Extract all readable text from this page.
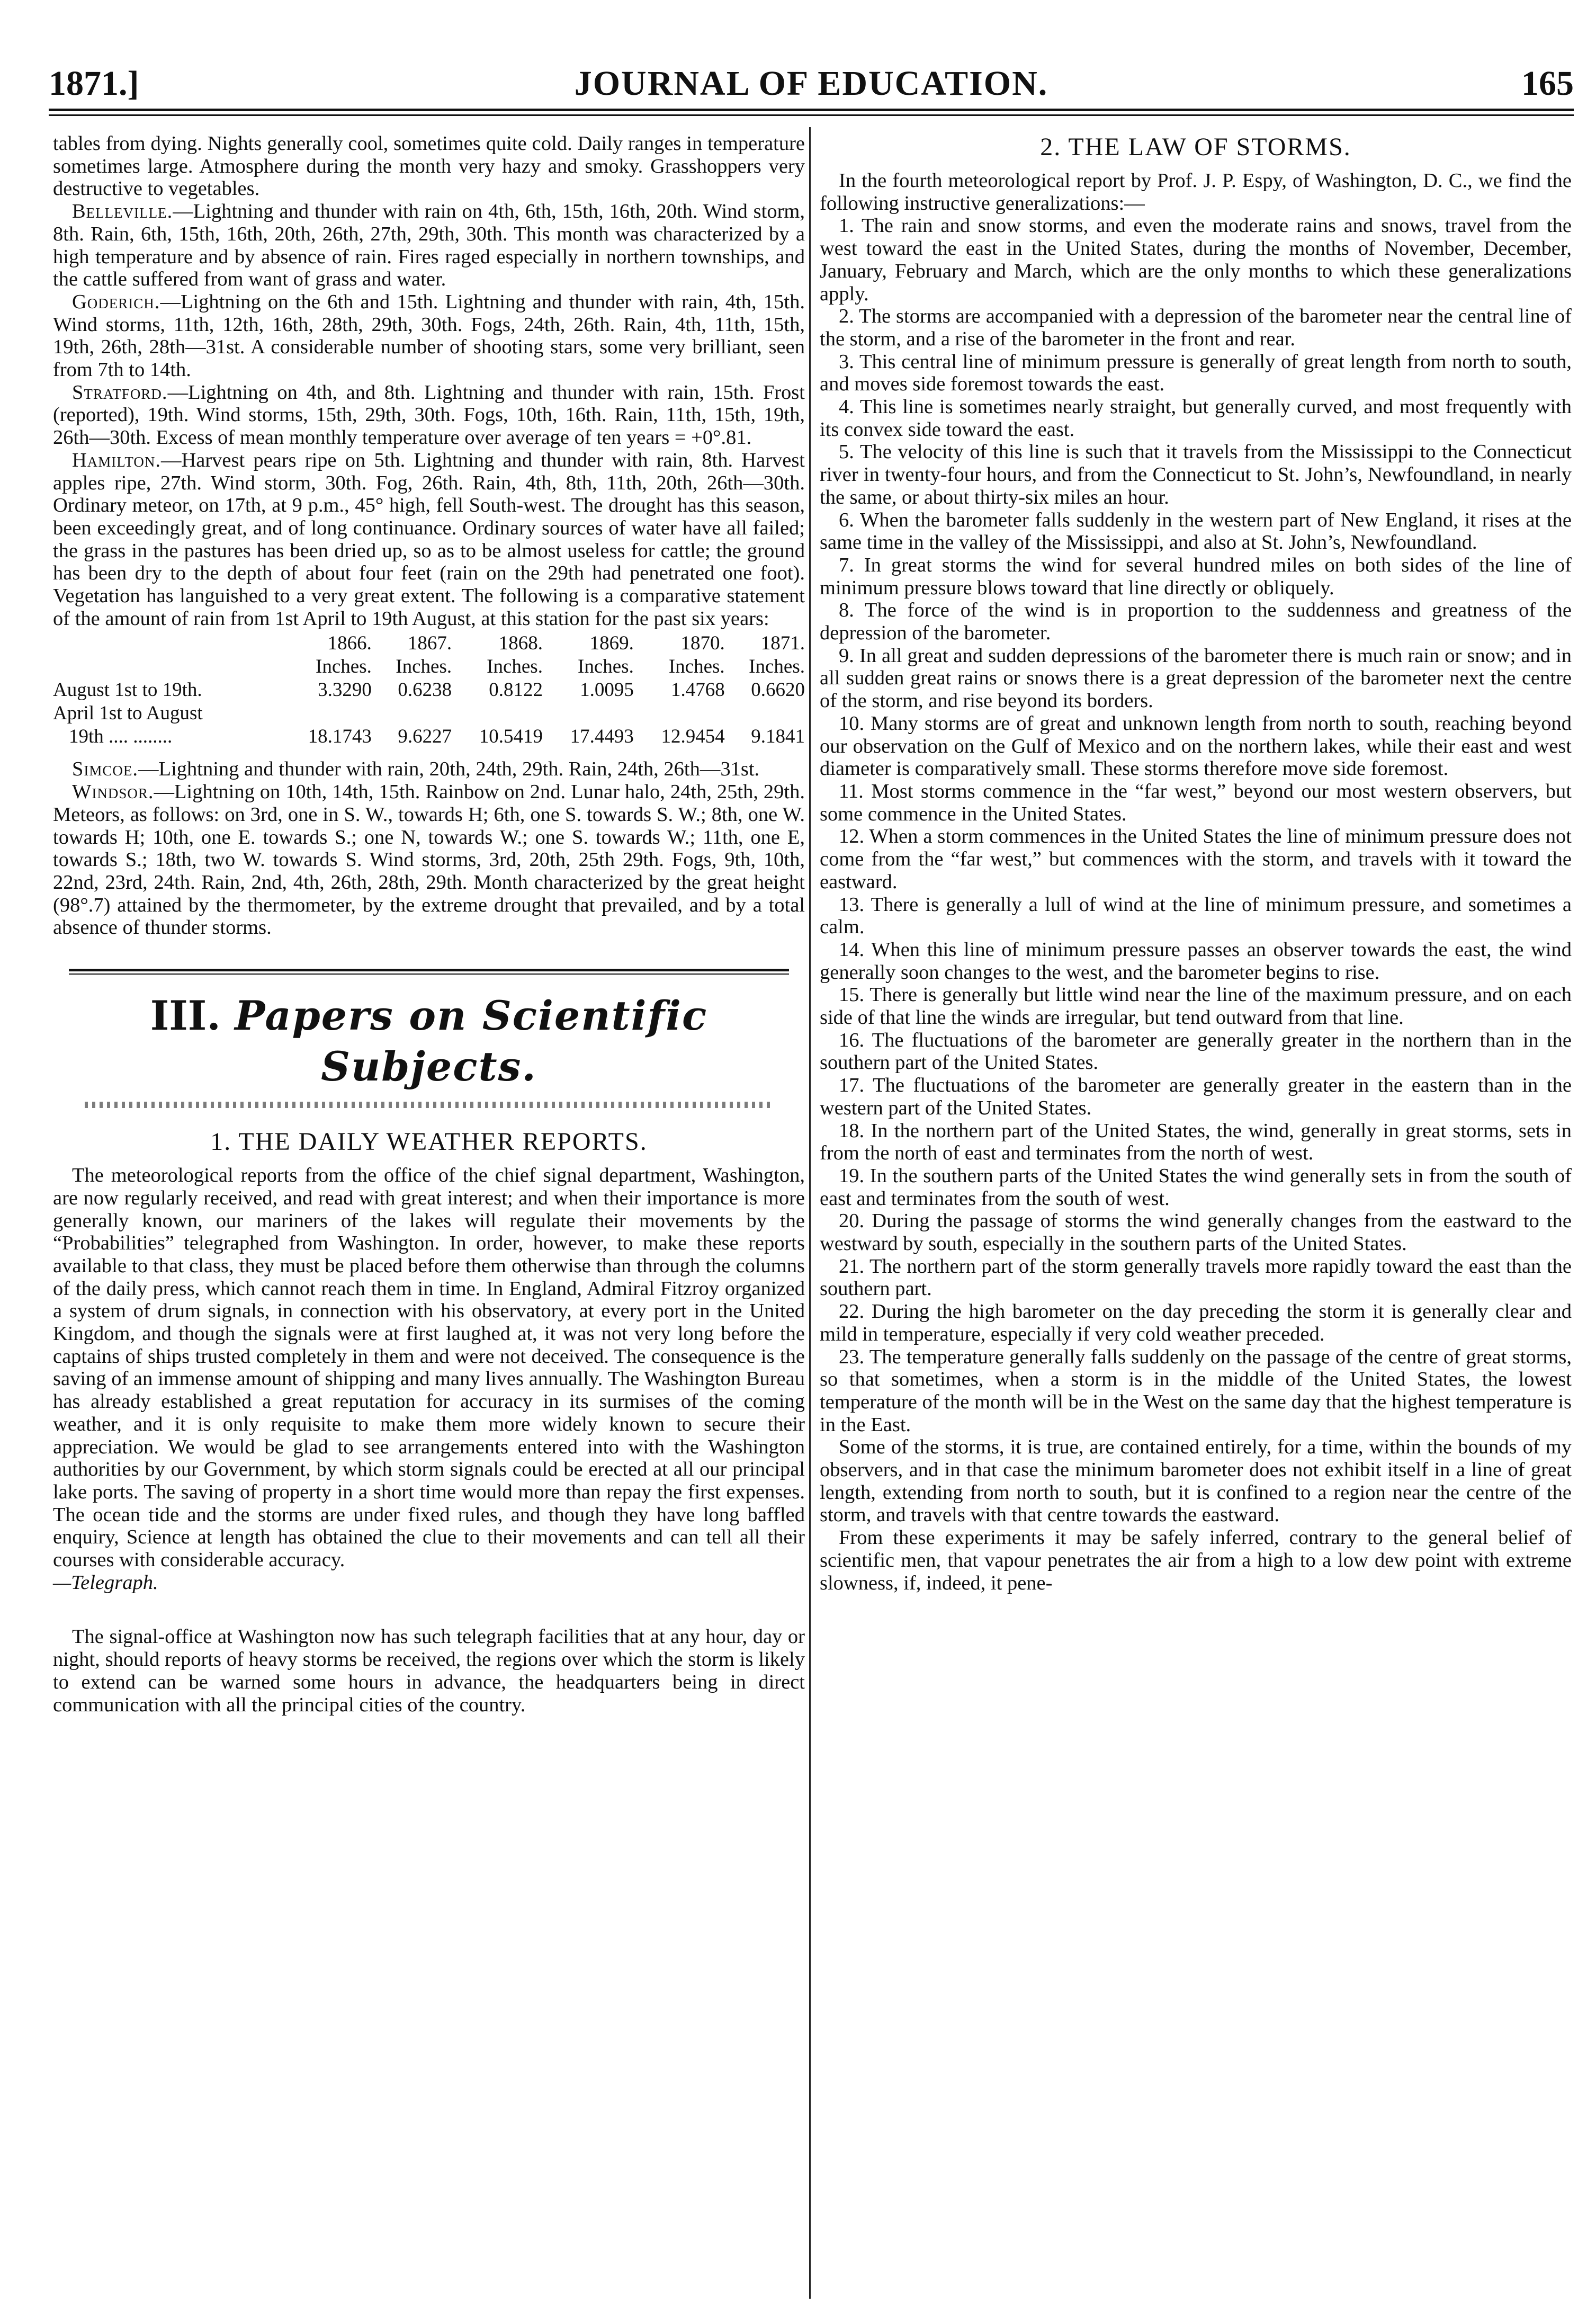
1871.]	JOURNAL OF EDUCATION.	165

tables from dying. Nights generally cool, sometimes quite cold. Daily ranges in temperature sometimes large. Atmosphere during the month very hazy and smoky. Grasshoppers very destructive to vegetables.

Belleville.—Lightning and thunder with rain on 4th, 6th, 15th, 16th, 20th. Wind storm, 8th. Rain, 6th, 15th, 16th, 20th, 26th, 27th, 29th, 30th. This month was characterized by a high temperature and by absence of rain. Fires raged especially in northern townships, and the cattle suffered from want of grass and water.

Goderich.—Lightning on the 6th and 15th. Lightning and thunder with rain, 4th, 15th. Wind storms, 11th, 12th, 16th, 28th, 29th, 30th. Fogs, 24th, 26th. Rain, 4th, 11th, 15th, 19th, 26th, 28th—31st. A considerable number of shooting stars, some very brilliant, seen from 7th to 14th.

Stratford.—Lightning on 4th, and 8th. Lightning and thunder with rain, 15th. Frost (reported), 19th. Wind storms, 15th, 29th, 30th. Fogs, 10th, 16th. Rain, 11th, 15th, 19th, 26th—30th. Excess of mean monthly temperature over average of ten years = +0°.81.

Hamilton.—Harvest pears ripe on 5th. Lightning and thunder with rain, 8th. Harvest apples ripe, 27th. Wind storm, 30th. Fog, 26th. Rain, 4th, 8th, 11th, 20th, 26th—30th. Ordinary meteor, on 17th, at 9 p.m., 45° high, fell South-west. The drought has this season, been exceedingly great, and of long continuance. Ordinary sources of water have all failed; the grass in the pastures has been dried up, so as to be almost useless for cattle; the ground has been dry to the depth of about four feet (rain on the 29th had penetrated one foot). Vegetation has languished to a very great extent. The following is a comparative statement of the amount of rain from 1st April to 19th August, at this station for the past six years:

	1866.	1867.	1868.	1869.	1870.	1871.
	Inches.	Inches.	Inches.	Inches.	Inches.	Inches.
August 1st to 19th.	3.3290	0.6238	0.8122	1.0095	1.4768	0.6620
April 1st to August						
19th .... ........	18.1743	9.6227	10.5419	17.4493	12.9454	9.1841

Simcoe.—Lightning and thunder with rain, 20th, 24th, 29th. Rain, 24th, 26th—31st.

Windsor.—Lightning on 10th, 14th, 15th. Rainbow on 2nd. Lunar halo, 24th, 25th, 29th. Meteors, as follows: on 3rd, one in S. W., towards H; 6th, one S. towards S. W.; 8th, one W. towards H; 10th, one E. towards S.; one N, towards W.; one S. towards W.; 11th, one E, towards S.; 18th, two W. towards S. Wind storms, 3rd, 20th, 25th 29th. Fogs, 9th, 10th, 22nd, 23rd, 24th. Rain, 2nd, 4th, 26th, 28th, 29th. Month characterized by the great height (98°.7) attained by the thermometer, by the extreme drought that prevailed, and by a total absence of thunder storms.

III. Papers on Scientific Subjects.
1. THE DAILY WEATHER REPORTS.

The meteorological reports from the office of the chief signal department, Washington, are now regularly received, and read with great interest; and when their importance is more generally known, our mariners of the lakes will regulate their movements by the “Probabilities” telegraphed from Washington. In order, however, to make these reports available to that class, they must be placed before them otherwise than through the columns of the daily press, which cannot reach them in time. In England, Admiral Fitzroy organized a system of drum signals, in connection with his observatory, at every port in the United Kingdom, and though the signals were at first laughed at, it was not very long before the captains of ships trusted completely in them and were not deceived. The consequence is the saving of an immense amount of shipping and many lives annually. The Washington Bureau has already established a great reputation for accuracy in its surmises of the coming weather, and it is only requisite to make them more widely known to secure their appreciation. We would be glad to see arrangements entered into with the Washington authorities by our Government, by which storm signals could be erected at all our principal lake ports. The saving of property in a short time would more than repay the first expenses. The ocean tide and the storms are under fixed rules, and though they have long baffled enquiry, Science at length has obtained the clue to their movements and can tell all their courses with considerable accuracy.

—Telegraph.

The signal-office at Washington now has such telegraph facilities that at any hour, day or night, should reports of heavy storms be received, the regions over which the storm is likely to extend can be warned some hours in advance, the headquarters being in direct communication with all the principal cities of the country.

2. THE LAW OF STORMS.

In the fourth meteorological report by Prof. J. P. Espy, of Washington, D. C., we find the following instructive generalizations:—

1. The rain and snow storms, and even the moderate rains and snows, travel from the west toward the east in the United States, during the months of November, December, January, February and March, which are the only months to which these generalizations apply.

2. The storms are accompanied with a depression of the barometer near the central line of the storm, and a rise of the barometer in the front and rear.

3. This central line of minimum pressure is generally of great length from north to south, and moves side foremost towards the east.

4. This line is sometimes nearly straight, but generally curved, and most frequently with its convex side toward the east.

5. The velocity of this line is such that it travels from the Mississippi to the Connecticut river in twenty-four hours, and from the Connecticut to St. John’s, Newfoundland, in nearly the same, or about thirty-six miles an hour.

6. When the barometer falls suddenly in the western part of New England, it rises at the same time in the valley of the Mississippi, and also at St. John’s, Newfoundland.

7. In great storms the wind for several hundred miles on both sides of the line of minimum pressure blows toward that line directly or obliquely.

8. The force of the wind is in proportion to the suddenness and greatness of the depression of the barometer.

9. In all great and sudden depressions of the barometer there is much rain or snow; and in all sudden great rains or snows there is a great depression of the barometer next the centre of the storm, and rise beyond its borders.

10. Many storms are of great and unknown length from north to south, reaching beyond our observation on the Gulf of Mexico and on the northern lakes, while their east and west diameter is comparatively small. These storms therefore move side foremost.

11. Most storms commence in the “far west,” beyond our most western observers, but some commence in the United States.

12. When a storm commences in the United States the line of minimum pressure does not come from the “far west,” but commences with the storm, and travels with it toward the eastward.

13. There is generally a lull of wind at the line of minimum pressure, and sometimes a calm.

14. When this line of minimum pressure passes an observer towards the east, the wind generally soon changes to the west, and the barometer begins to rise.

15. There is generally but little wind near the line of the maximum pressure, and on each side of that line the winds are irregular, but tend outward from that line.

16. The fluctuations of the barometer are generally greater in the northern than in the southern part of the United States.

17. The fluctuations of the barometer are generally greater in the eastern than in the western part of the United States.

18. In the northern part of the United States, the wind, generally in great storms, sets in from the north of east and terminates from the north of west.

19. In the southern parts of the United States the wind generally sets in from the south of east and terminates from the south of west.

20. During the passage of storms the wind generally changes from the eastward to the westward by south, especially in the southern parts of the United States.

21. The northern part of the storm generally travels more rapidly toward the east than the southern part.

22. During the high barometer on the day preceding the storm it is generally clear and mild in temperature, especially if very cold weather preceded.

23. The temperature generally falls suddenly on the passage of the centre of great storms, so that sometimes, when a storm is in the middle of the United States, the lowest temperature of the month will be in the West on the same day that the highest temperature is in the East.

Some of the storms, it is true, are contained entirely, for a time, within the bounds of my observers, and in that case the minimum barometer does not exhibit itself in a line of great length, extending from north to south, but it is confined to a region near the centre of the storm, and travels with that centre towards the eastward.

From these experiments it may be safely inferred, contrary to the general belief of scientific men, that vapour penetrates the air from a high to a low dew point with extreme slowness, if, indeed, it pene-
